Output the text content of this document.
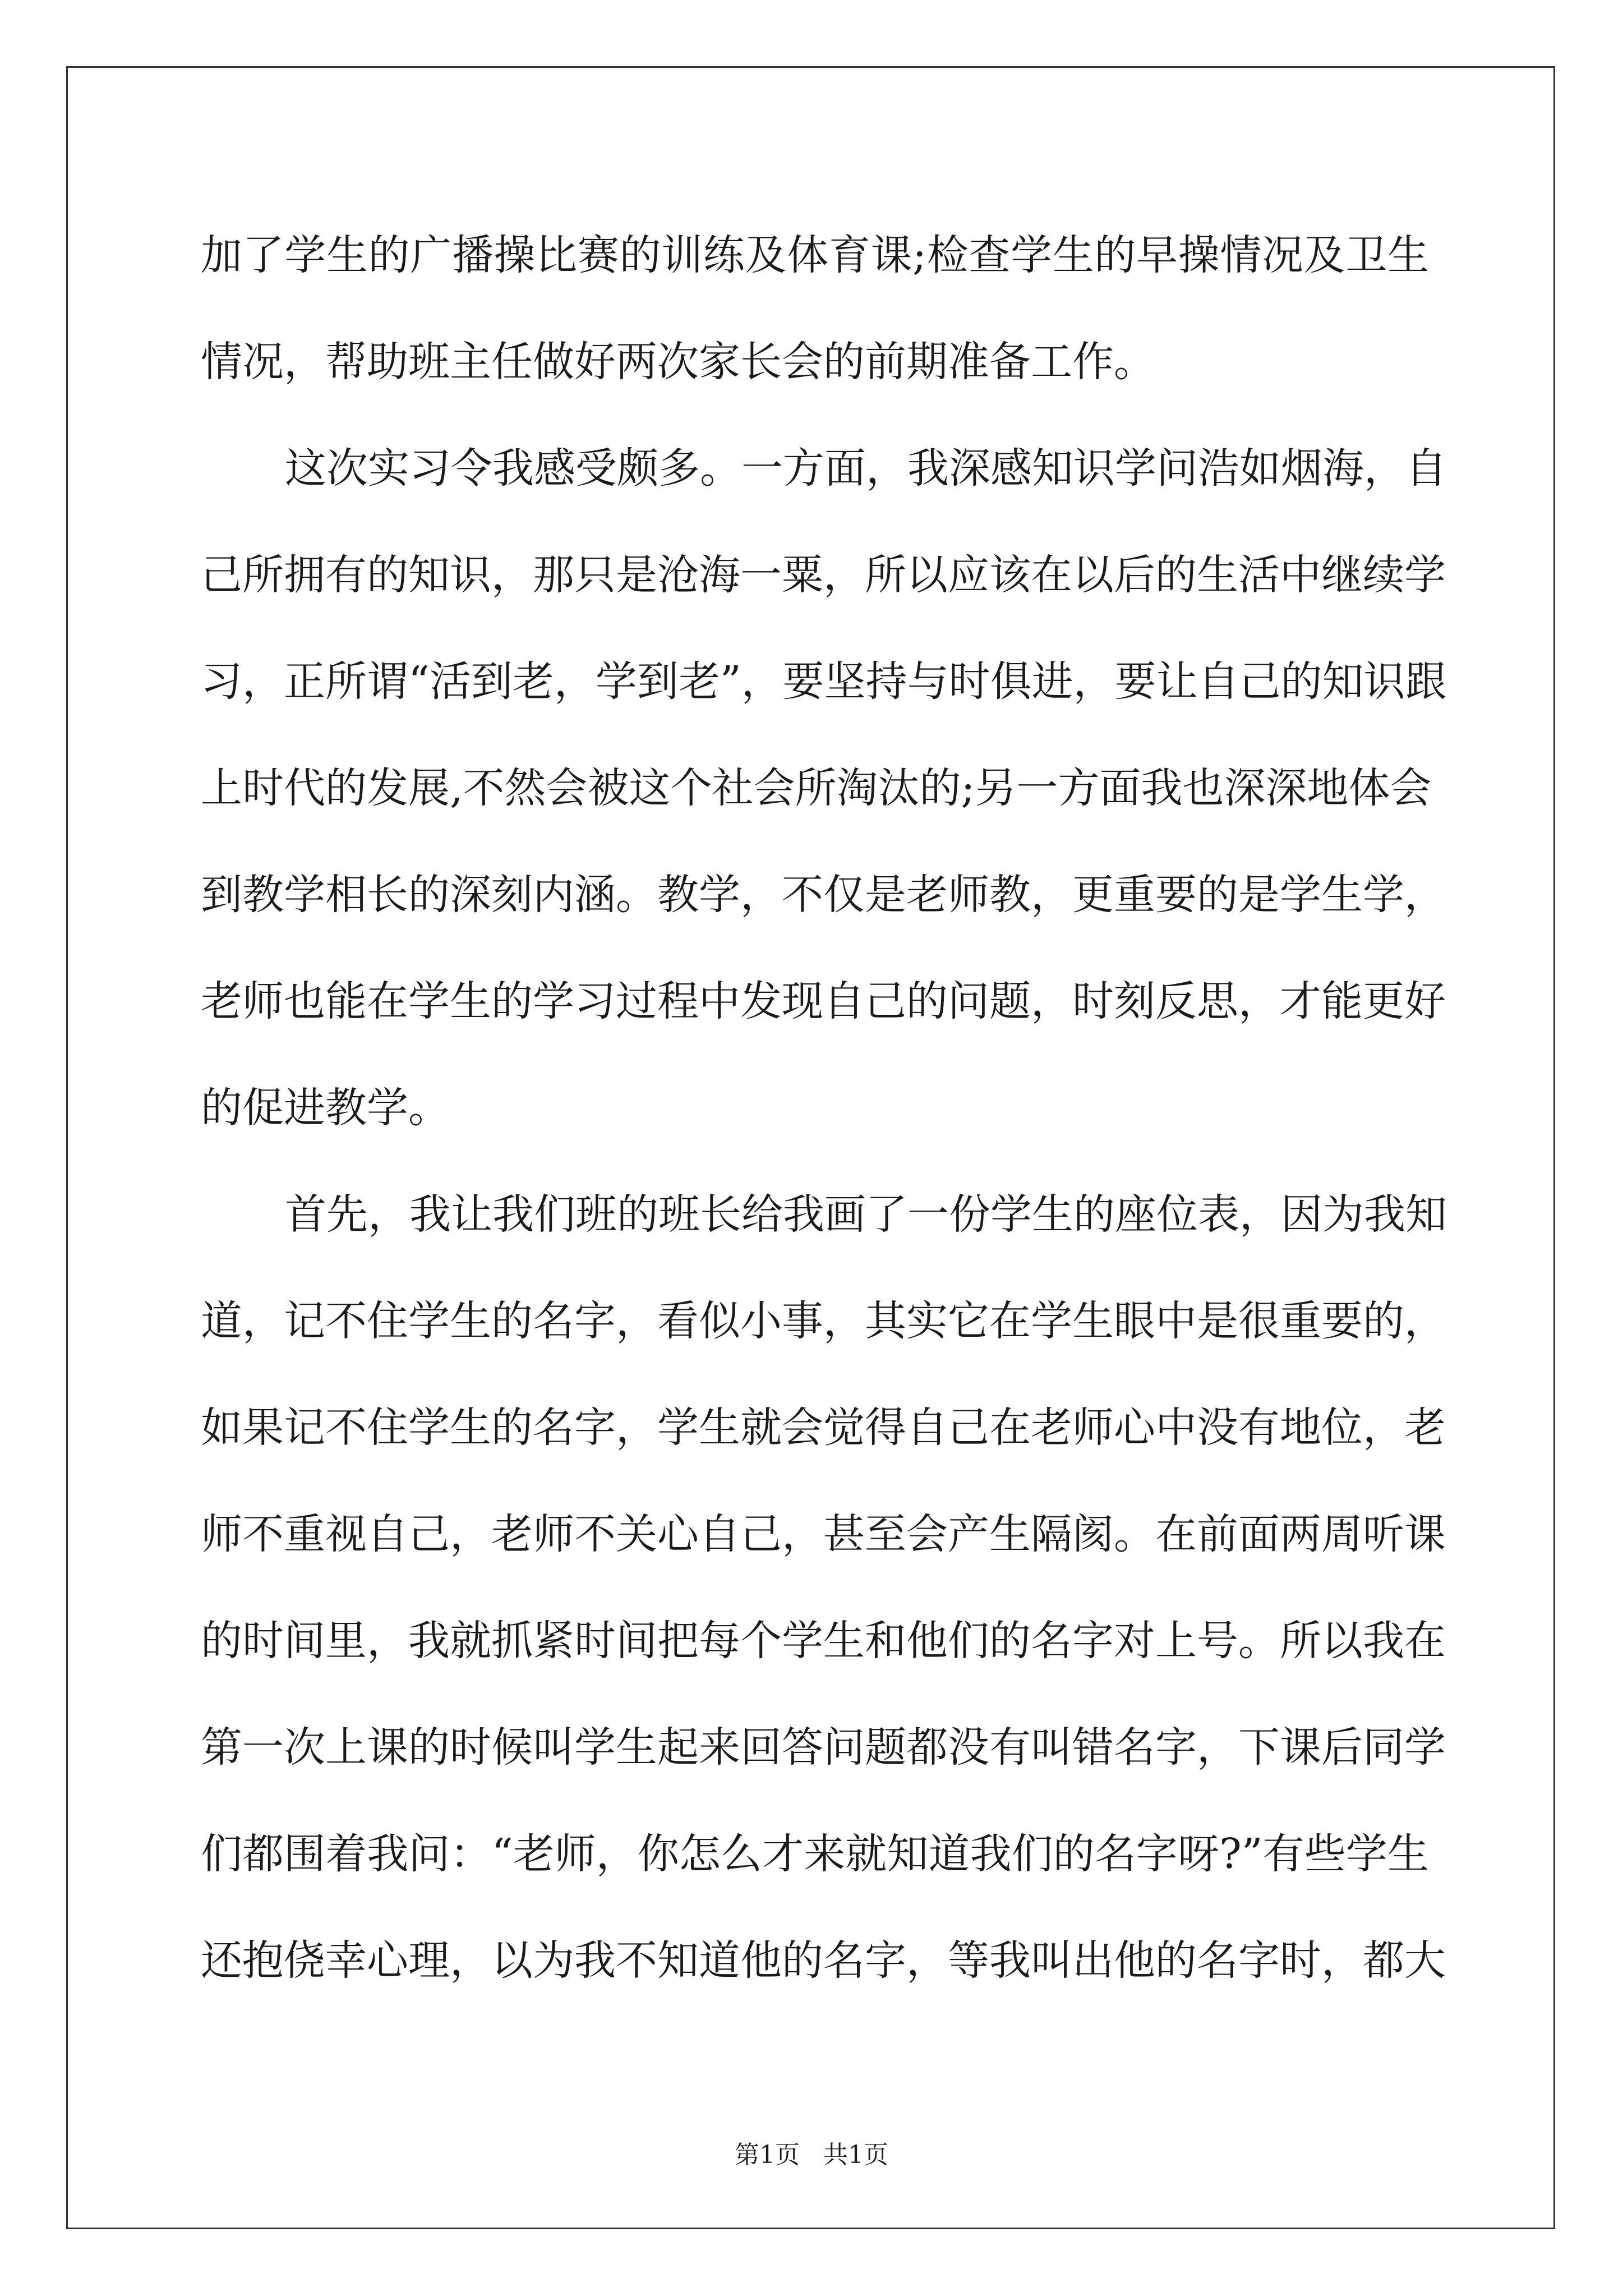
加了学生的广播操比赛的训练及体育课;检查学生的早操情况及卫生
情况，帮助班主任做好两次家长会的前期准备工作。
这次实习令我感受颇多。一方面，我深感知识学问浩如烟海，自
己所拥有的知识，那只是沧海一粟，所以应该在以后的生活中继续学
习，正所谓“活到老，学到老”，要坚持与时俱进，要让自己的知识跟
上时代的发展,不然会被这个社会所淘汰的;另一方面我也深深地体会
到教学相长的深刻内涵。教学，不仅是老师教，更重要的是学生学，
老师也能在学生的学习过程中发现自己的问题，时刻反思，才能更好
的促进教学。
首先，我让我们班的班长给我画了一份学生的座位表，因为我知
道，记不住学生的名字，看似小事，其实它在学生眼中是很重要的，
如果记不住学生的名字，学生就会觉得自己在老师心中没有地位，老
师不重视自己，老师不关心自己，甚至会产生隔阂。在前面两周听课
的时间里，我就抓紧时间把每个学生和他们的名字对上号。所以我在
第一次上课的时候叫学生起来回答问题都没有叫错名字，下课后同学
们都围着我问：“老师，你怎么才来就知道我们的名字呀?”有些学生
还抱侥幸心理，以为我不知道他的名字，等我叫出他的名字时，都大
第1页 共1页
